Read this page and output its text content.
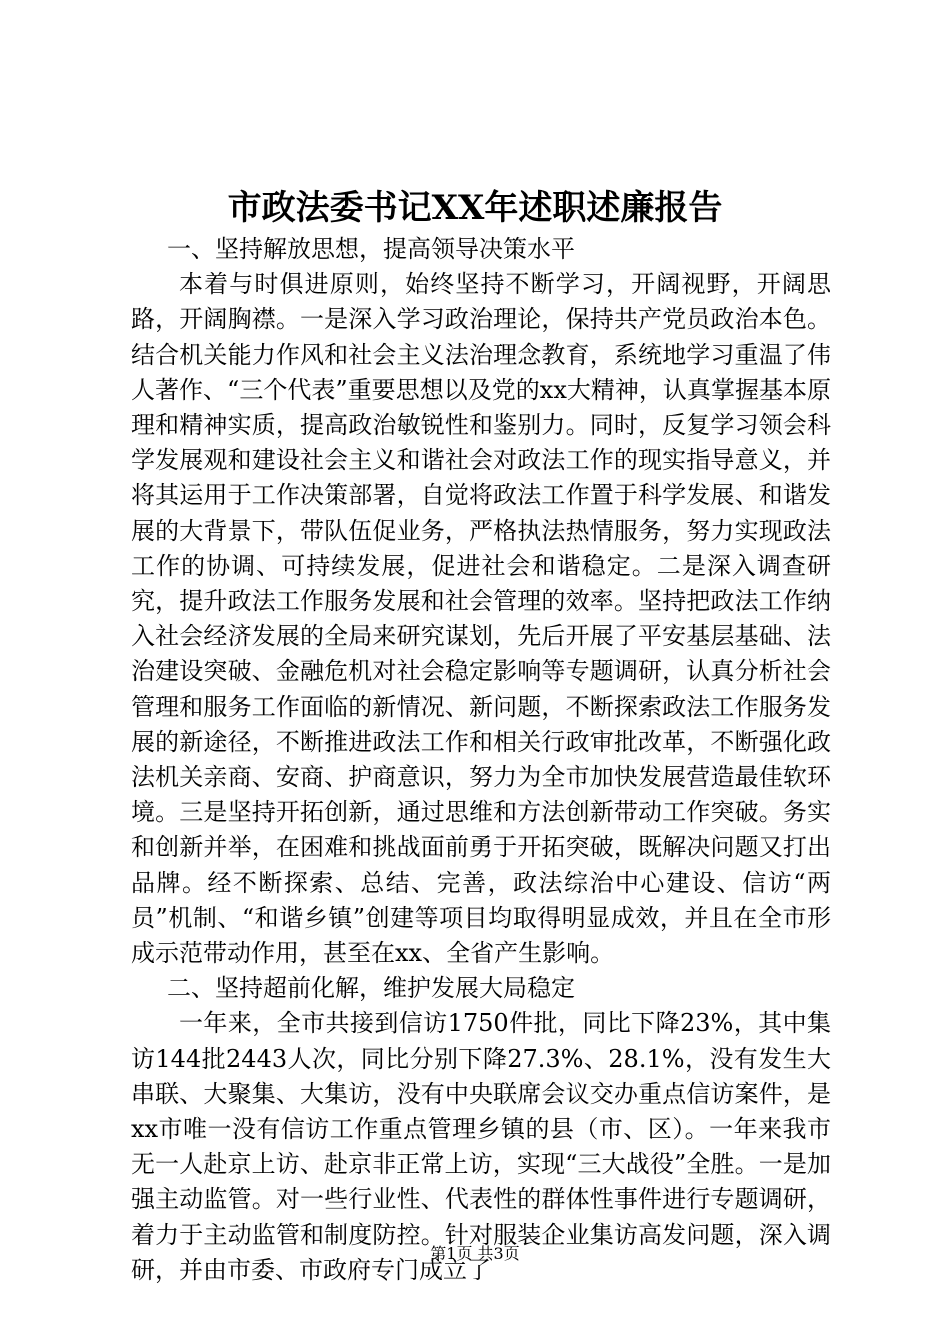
市政法委书记XX年述职述廉报告
一、坚持解放思想，提高领导决策水平

本着与时俱进原则，始终坚持不断学习，开阔视野，开阔思路，开阔胸襟。一是深入学习政治理论，保持共产党员政治本色。结合机关能力作风和社会主义法治理念教育，系统地学习重温了伟人著作、“三个代表”重要思想以及党的xx大精神，认真掌握基本原理和精神实质，提高政治敏锐性和鉴别力。同时，反复学习领会科学发展观和建设社会主义和谐社会对政法工作的现实指导意义，并将其运用于工作决策部署，自觉将政法工作置于科学发展、和谐发展的大背景下，带队伍促业务，严格执法热情服务，努力实现政法工作的协调、可持续发展，促进社会和谐稳定。二是深入调查研究，提升政法工作服务发展和社会管理的效率。坚持把政法工作纳入社会经济发展的全局来研究谋划，先后开展了平安基层基础、法治建设突破、金融危机对社会稳定影响等专题调研，认真分析社会管理和服务工作面临的新情况、新问题，不断探索政法工作服务发展的新途径，不断推进政法工作和相关行政审批改革，不断强化政法机关亲商、安商、护商意识，努力为全市加快发展营造最佳软环境。三是坚持开拓创新，通过思维和方法创新带动工作突破。务实和创新并举，在困难和挑战面前勇于开拓突破，既解决问题又打出品牌。经不断探索、总结、完善，政法综治中心建设、信访“两员”机制、“和谐乡镇”创建等项目均取得明显成效，并且在全市形成示范带动作用，甚至在xx、全省产生影响。

二、坚持超前化解，维护发展大局稳定

一年来，全市共接到信访1750件批，同比下降23%，其中集访144批2443人次，同比分别下降27.3%、28.1%，没有发生大串联、大聚集、大集访，没有中央联席会议交办重点信访案件，是xx市唯一没有信访工作重点管理乡镇的县（市、区）。一年来我市无一人赴京上访、赴京非正常上访，实现“三大战役”全胜。一是加强主动监管。对一些行业性、代表性的群体性事件进行专题调研，着力于主动监管和制度防控。针对服装企业集访高发问题，深入调研，并由市委、市政府专门成立了

第1页 共3页
